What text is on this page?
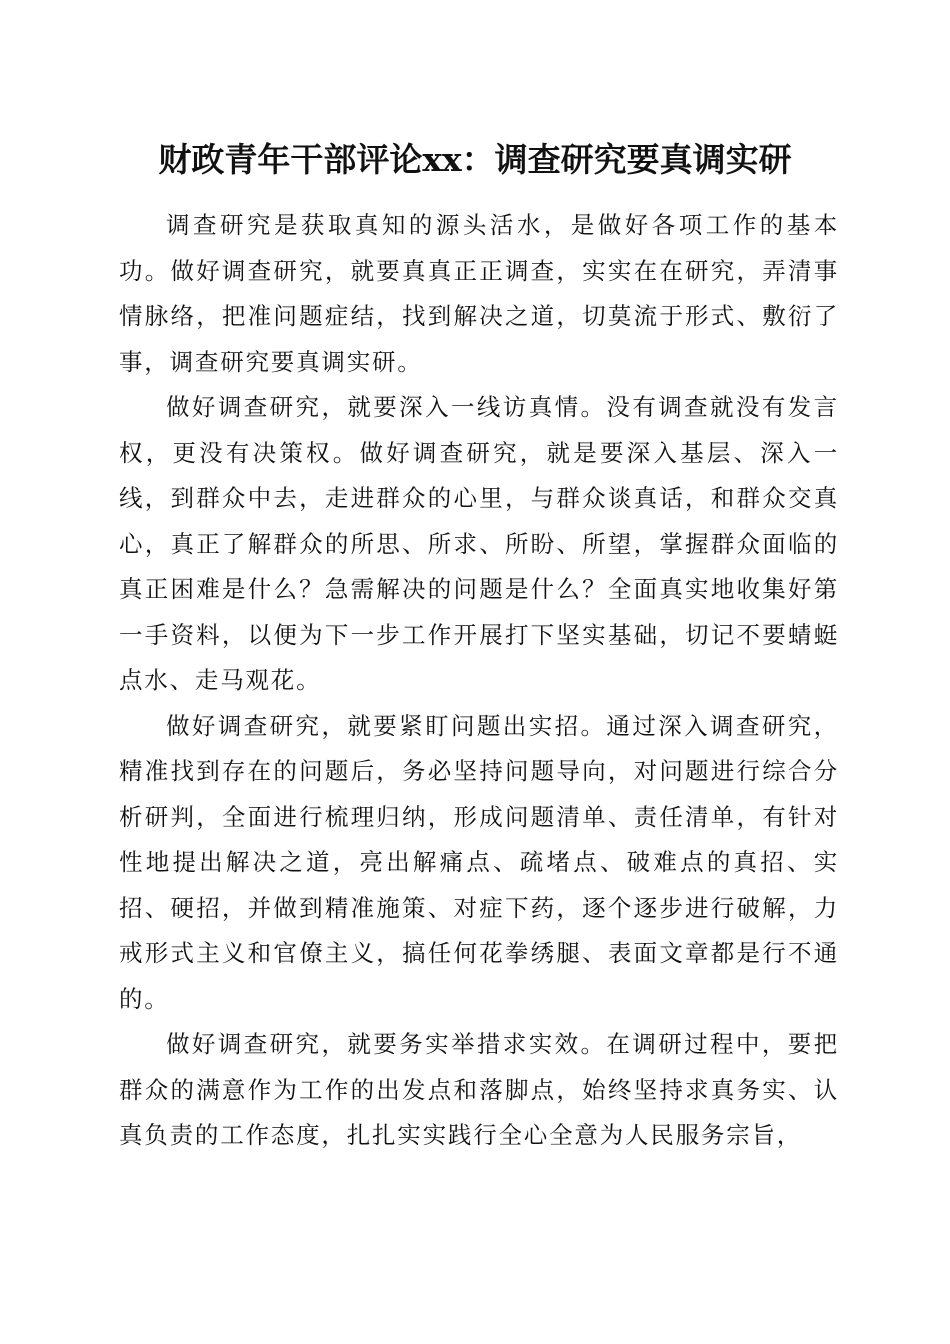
财政青年干部评论xx：调查研究要真调实研

调查研究是获取真知的源头活水，是做好各项工作的基本功。做好调查研究，就要真真正正调查，实实在在研究，弄清事情脉络，把准问题症结，找到解决之道，切莫流于形式、敷衍了事，调查研究要真调实研。

做好调查研究，就要深入一线访真情。没有调查就没有发言权，更没有决策权。做好调查研究，就是要深入基层、深入一线，到群众中去，走进群众的心里，与群众谈真话，和群众交真心，真正了解群众的所思、所求、所盼、所望，掌握群众面临的真正困难是什么？急需解决的问题是什么？全面真实地收集好第一手资料，以便为下一步工作开展打下坚实基础，切记不要蜻蜓点水、走马观花。

做好调查研究，就要紧盯问题出实招。通过深入调查研究，精准找到存在的问题后，务必坚持问题导向，对问题进行综合分析研判，全面进行梳理归纳，形成问题清单、责任清单，有针对性地提出解决之道，亮出解痛点、疏堵点、破难点的真招、实招、硬招，并做到精准施策、对症下药，逐个逐步进行破解，力戒形式主义和官僚主义，搞任何花拳绣腿、表面文章都是行不通的。

做好调查研究，就要务实举措求实效。在调研过程中，要把群众的满意作为工作的出发点和落脚点，始终坚持求真务实、认真负责的工作态度，扎扎实实践行全心全意为人民服务宗旨，
